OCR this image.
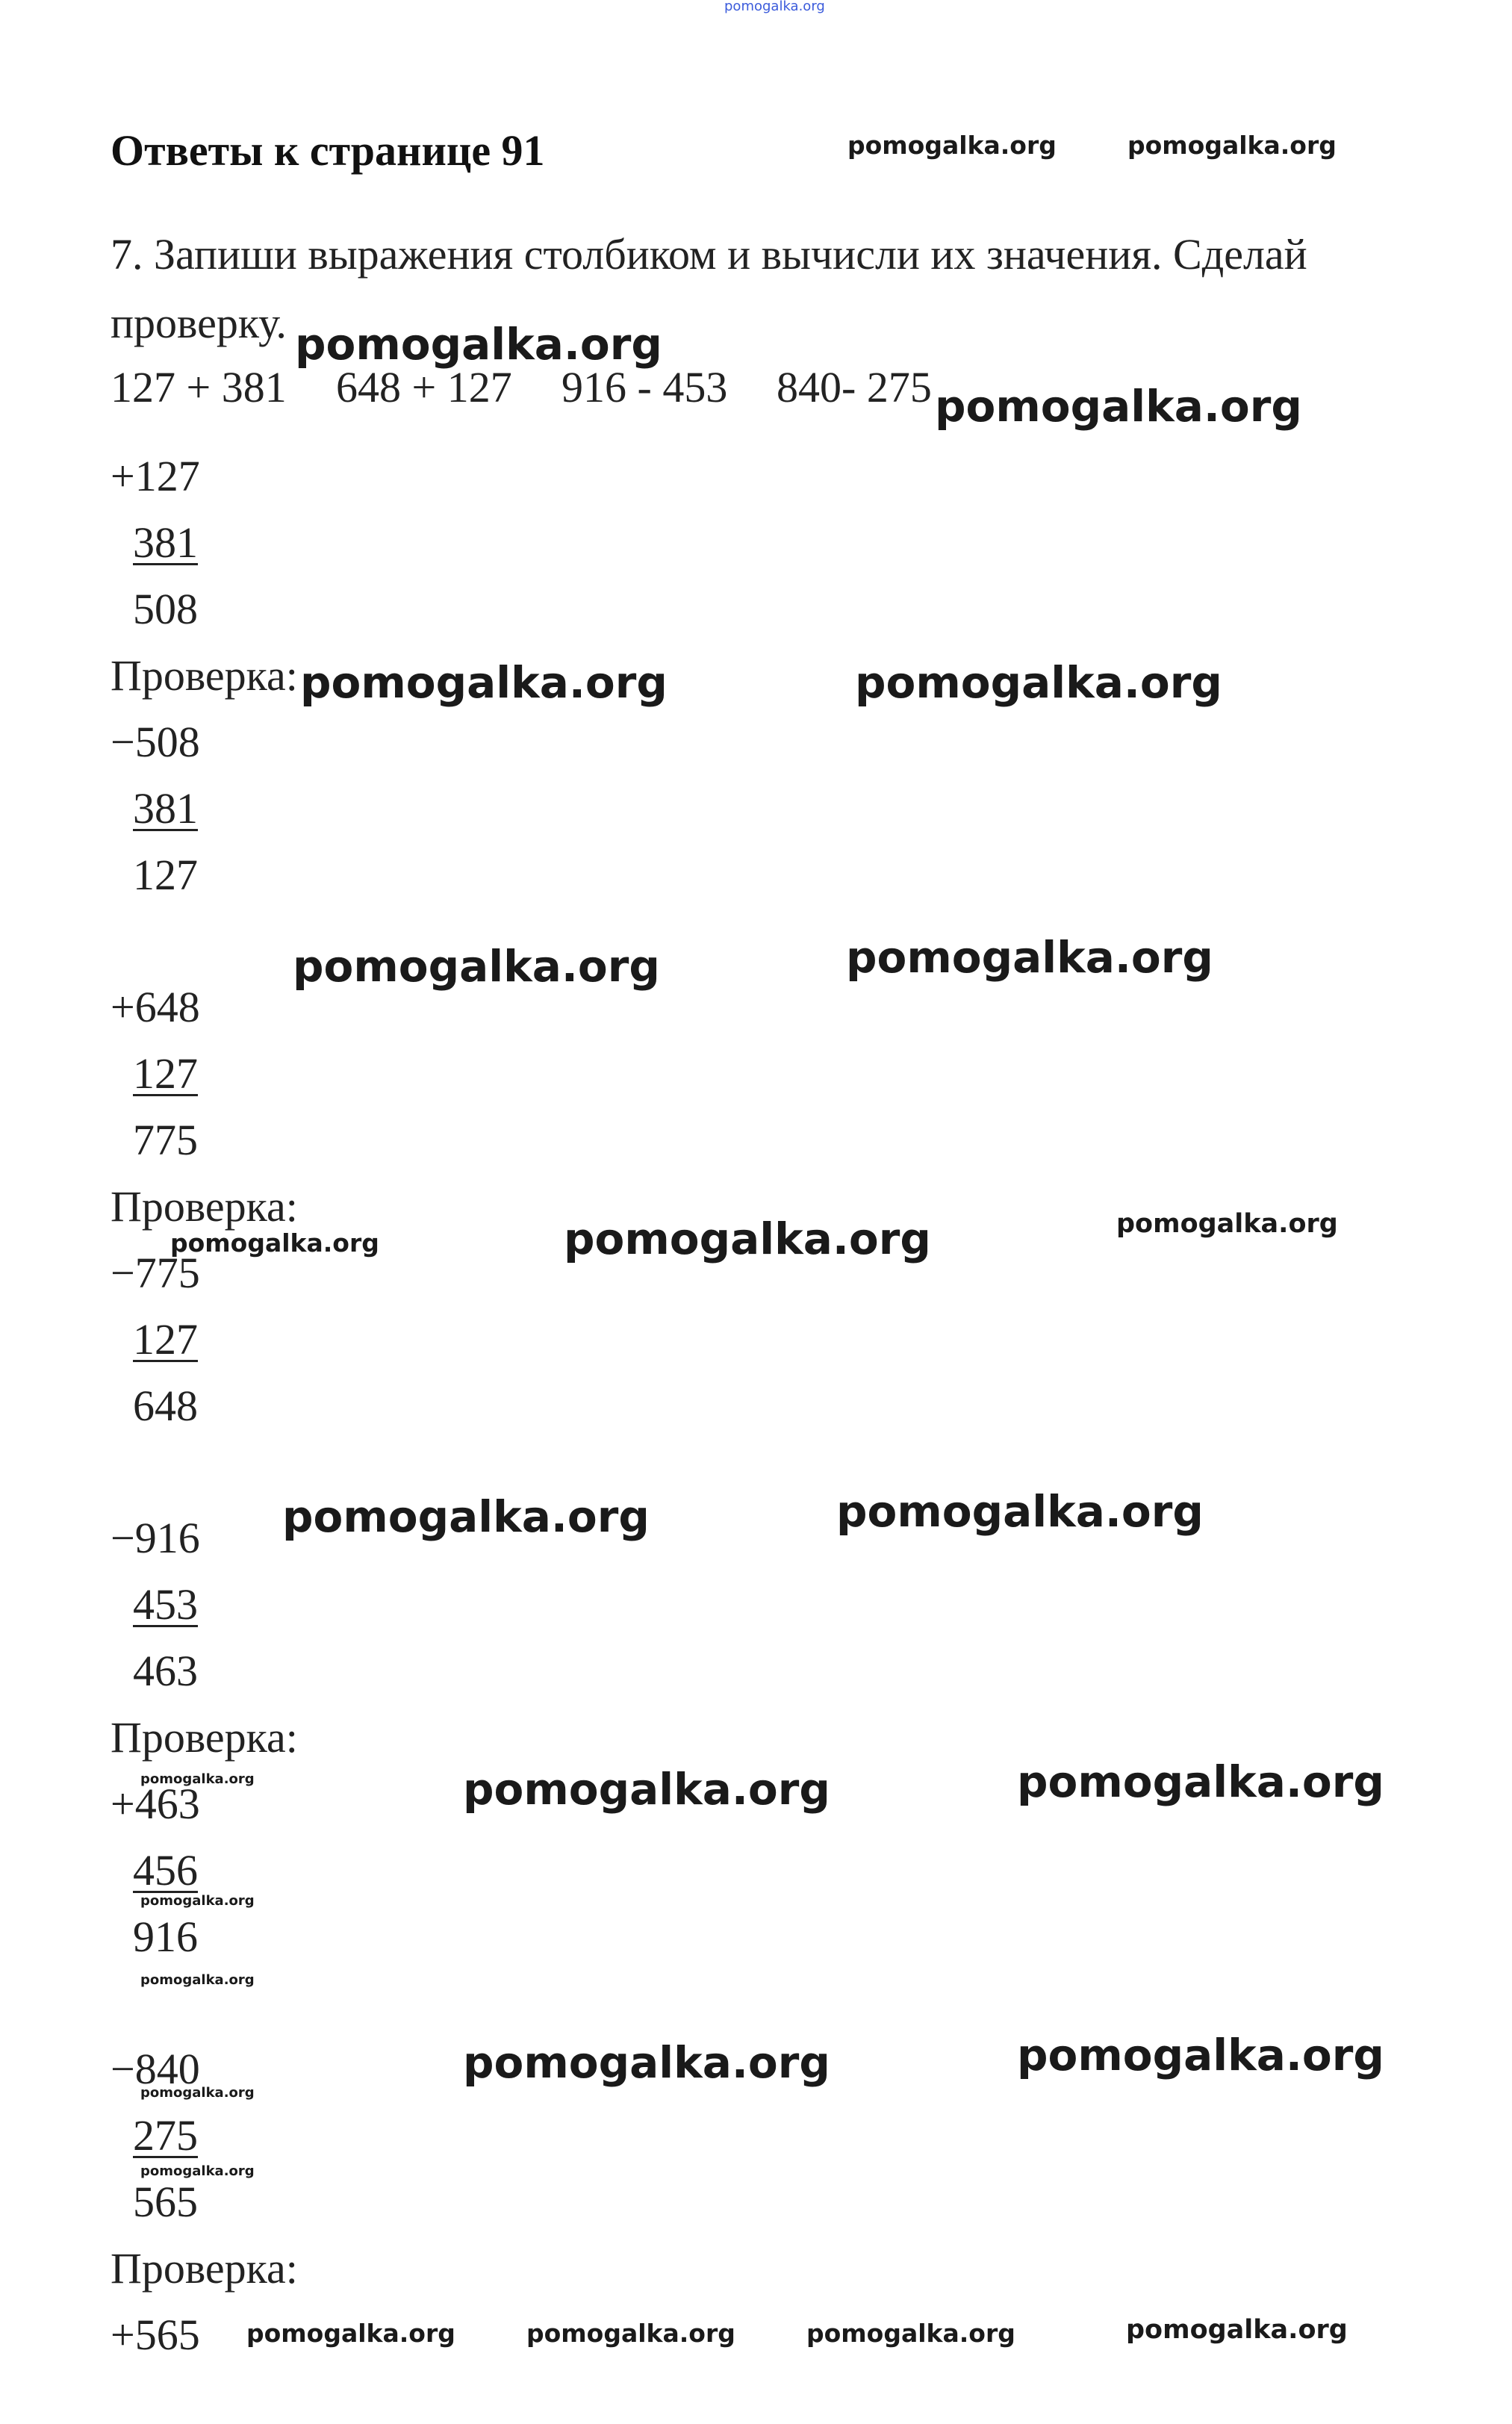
pomogalka.org
Ответы к странице 91	pomogalka.org	pomogalka.org
7. Запиши выражения столбиком и вычисли их значения. Сделай
проверку. pomogalka.org
127 + 381 648 + 127 916 - 453 840- 275 pomogalka.org
+127
381
508
Проверка: pomogalka.org	pomogalka.org
−508
381
127
pomogalka.org	pomogalka.org
+648
127
775
Проверка:
pomogalka.org	pomogalka.org	pomogalka.org
−775
127
648
pomogalka.org	pomogalka.org
−916
453
463
Проверка:
pomogalka.org	pomogalka.org	pomogalka.org
+463
456
pomogalka.org
916
pomogalka.org
−840
pomogalka.org
pomogalka.org	pomogalka.org
275
pomogalka.org
565
Проверка:
+565 pomogalka.org	pomogalka.org	pomogalka.org	pomogalka.org
